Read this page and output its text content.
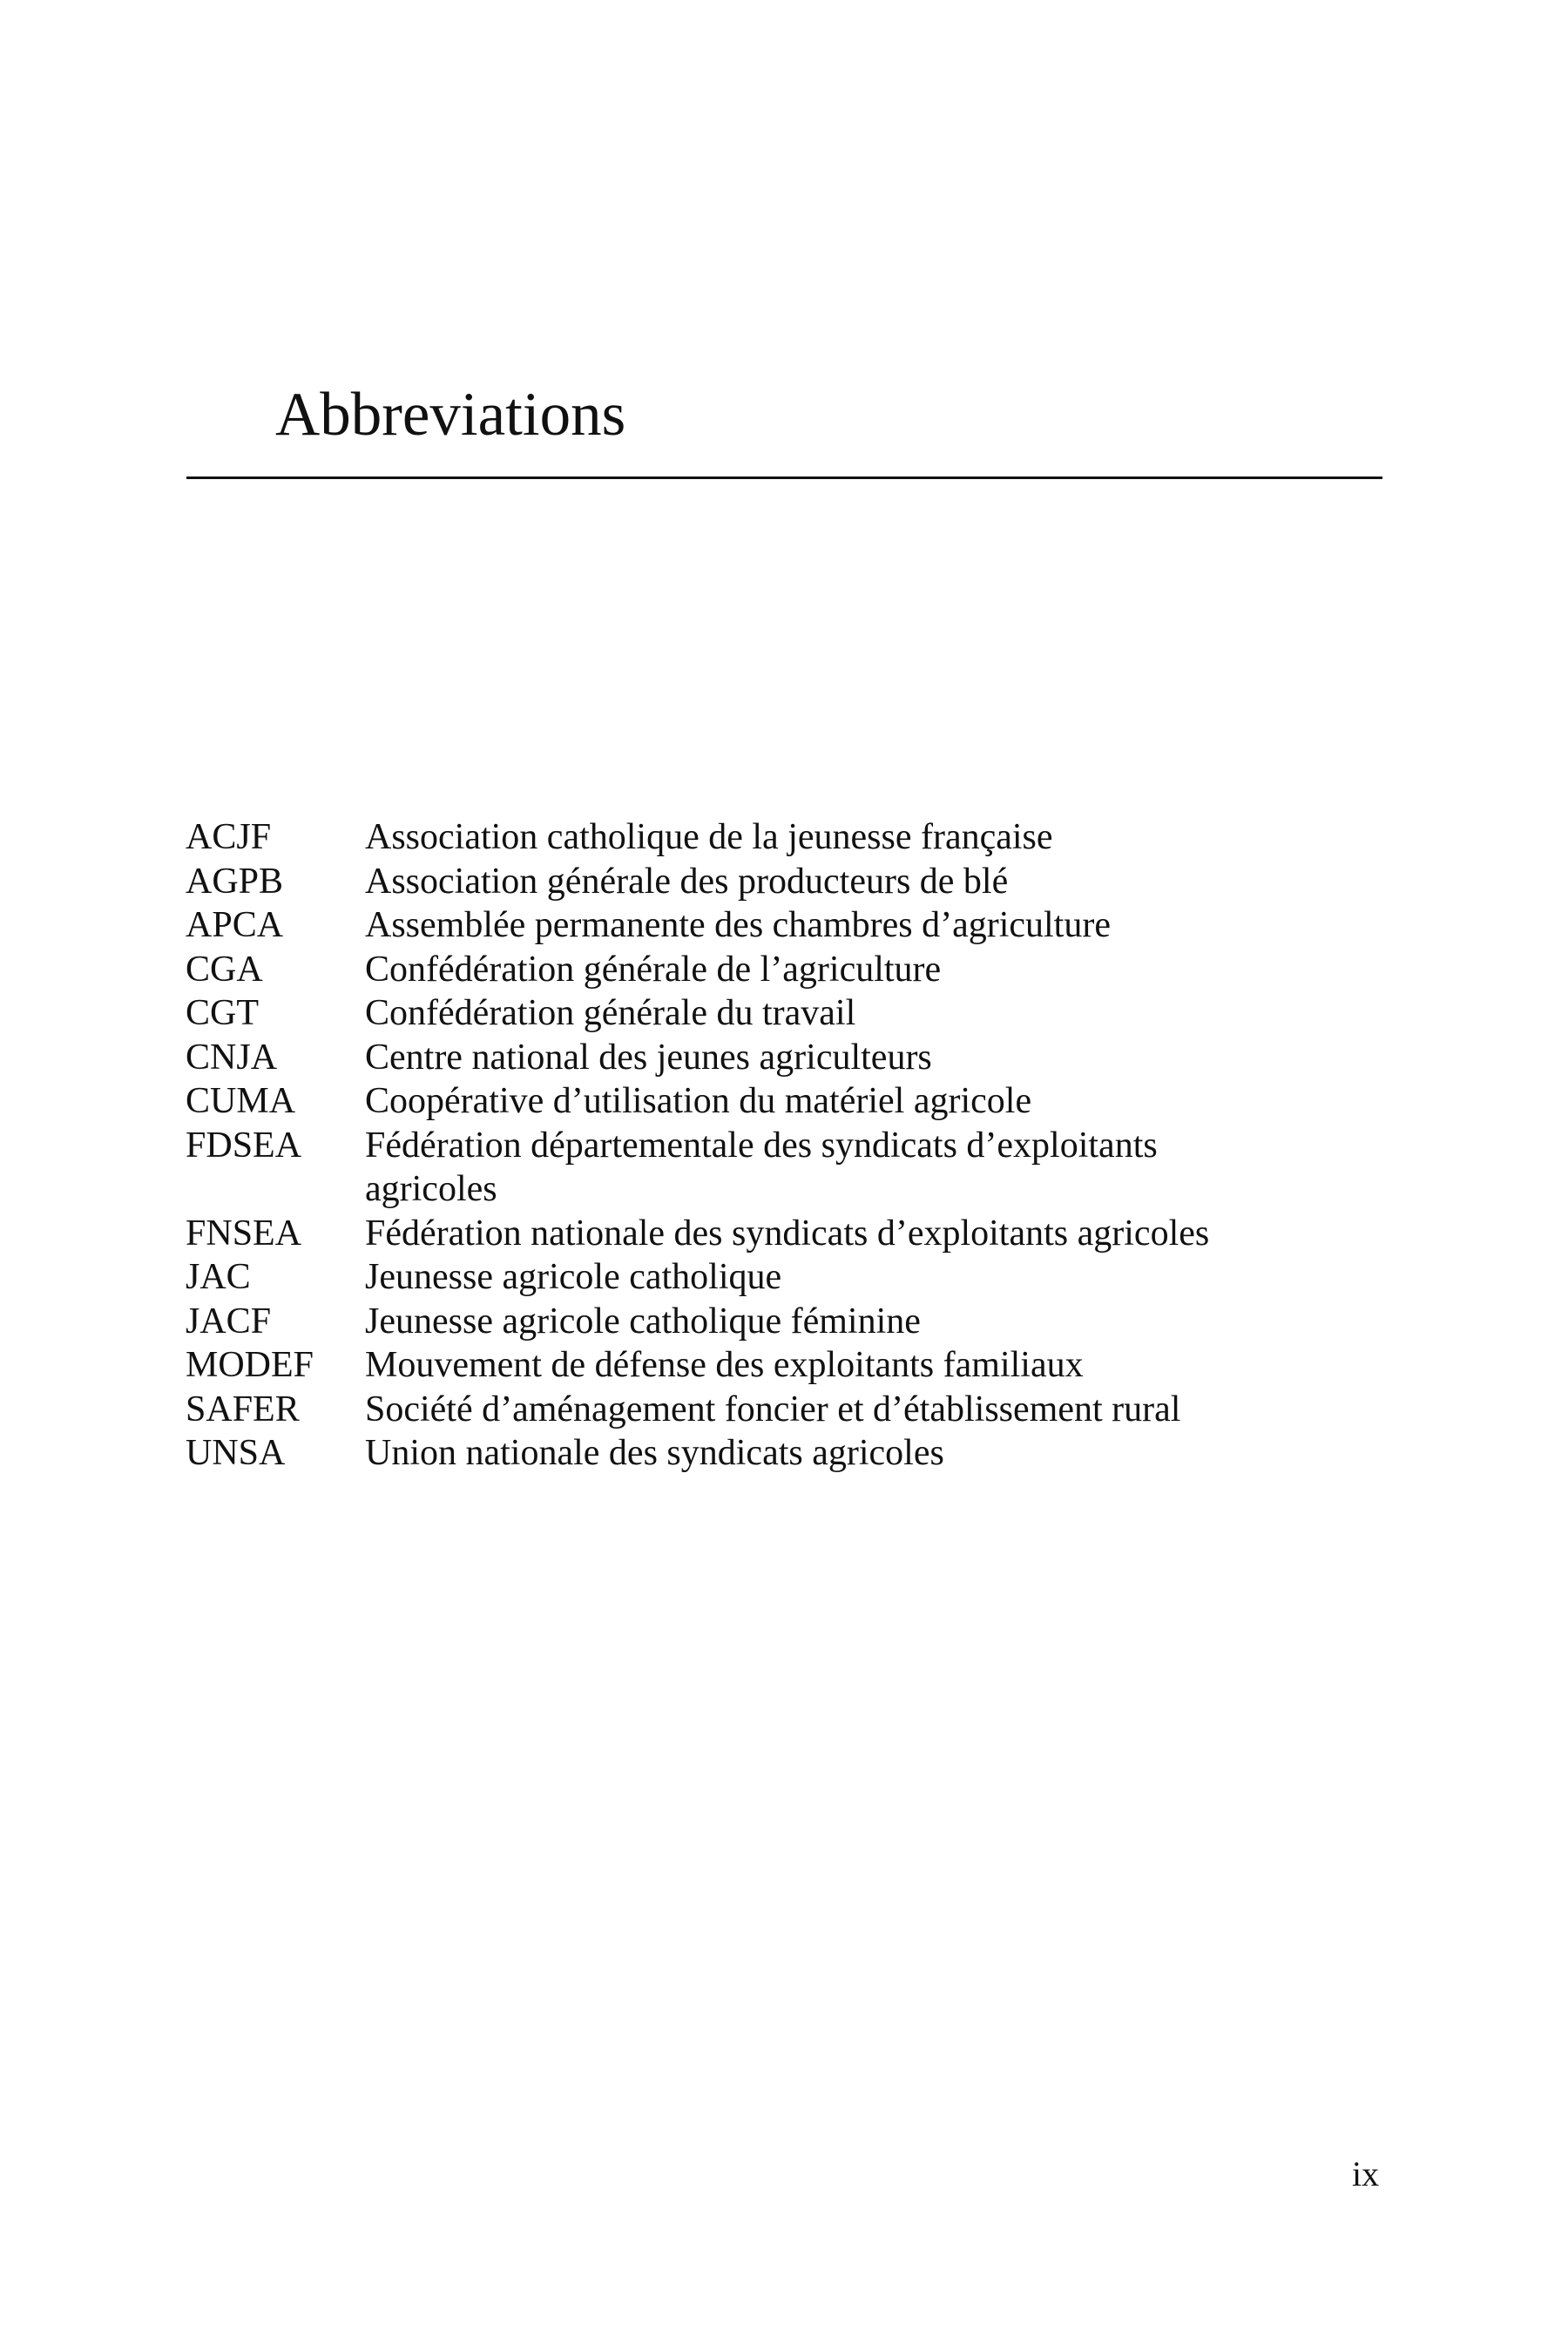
Abbreviations
ACJF	Association catholique de la jeunesse française
AGPB	Association générale des producteurs de blé
APCA	Assemblée permanente des chambres d’agriculture
CGA	Confédération générale de l’agriculture
CGT	Confédération générale du travail
CNJA	Centre national des jeunes agriculteurs
CUMA	Coopérative d’utilisation du matériel agricole
FDSEA	Fédération départementale des syndicats d’exploitants agricoles
FNSEA	Fédération nationale des syndicats d’exploitants agricoles
JAC	Jeunesse agricole catholique
JACF	Jeunesse agricole catholique féminine
MODEF	Mouvement de défense des exploitants familiaux
SAFER	Société d’aménagement foncier et d’établissement rural
UNSA	Union nationale des syndicats agricoles
ix
